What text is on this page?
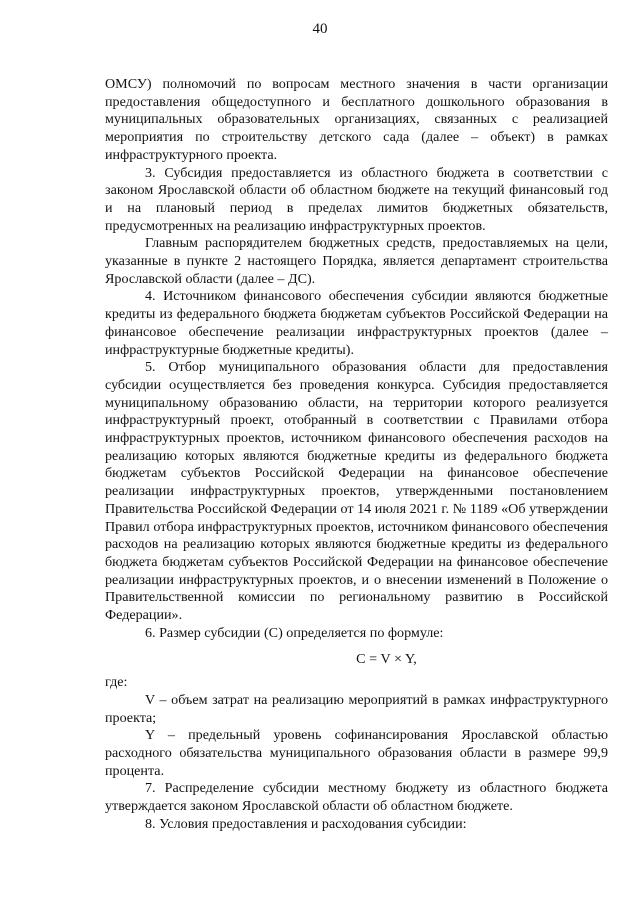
40

ОМСУ) полномочий по вопросам местного значения в части организации предоставления общедоступного и бесплатного дошкольного образования в муниципальных образовательных организациях, связанных с реализацией мероприятия по строительству детского сада (далее – объект) в рамках инфраструктурного проекта.

3. Субсидия предоставляется из областного бюджета в соответствии с законом Ярославской области об областном бюджете на текущий финансовый год и на плановый период в пределах лимитов бюджетных обязательств, предусмотренных на реализацию инфраструктурных проектов.

Главным распорядителем бюджетных средств, предоставляемых на цели, указанные в пункте 2 настоящего Порядка, является департамент строительства Ярославской области (далее – ДС).

4. Источником финансового обеспечения субсидии являются бюджетные кредиты из федерального бюджета бюджетам субъектов Российской Федерации на финансовое обеспечение реализации инфраструктурных проектов (далее – инфраструктурные бюджетные кредиты).

5. Отбор муниципального образования области для предоставления субсидии осуществляется без проведения конкурса. Субсидия предоставляется муниципальному образованию области, на территории которого реализуется инфраструктурный проект, отобранный в соответствии с Правилами отбора инфраструктурных проектов, источником финансового обеспечения расходов на реализацию которых являются бюджетные кредиты из федерального бюджета бюджетам субъектов Российской Федерации на финансовое обеспечение реализации инфраструктурных проектов, утвержденными постановлением Правительства Российской Федерации от 14 июля 2021 г. № 1189 «Об утверждении Правил отбора инфраструктурных проектов, источником финансового обеспечения расходов на реализацию которых являются бюджетные кредиты из федерального бюджета бюджетам субъектов Российской Федерации на финансовое обеспечение реализации инфраструктурных проектов, и о внесении изменений в Положение о Правительственной комиссии по региональному развитию в Российской Федерации».

6. Размер субсидии (С) определяется по формуле:

С = V × Y,

где:

V – объем затрат на реализацию мероприятий в рамках инфраструктурного проекта;

Y – предельный уровень софинансирования Ярославской областью расходного обязательства муниципального образования области в размере 99,9 процента.

7. Распределение субсидии местному бюджету из областного бюджета утверждается законом Ярославской области об областном бюджете.

8. Условия предоставления и расходования субсидии:
